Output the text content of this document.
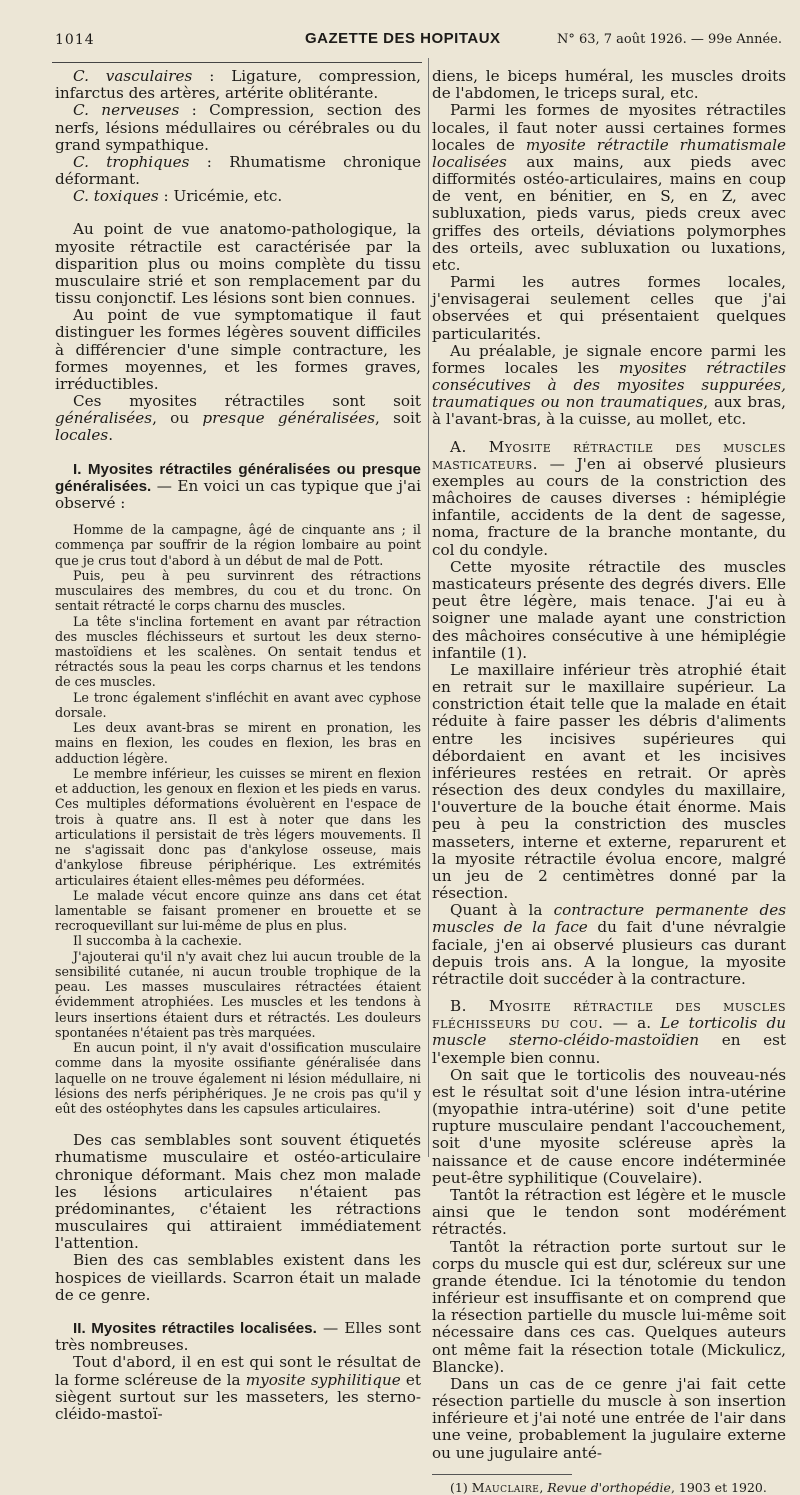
1014	GAZETTE DES HOPITAUX	N° 63, 7 août 1926. — 99e Année.

C. vasculaires : Ligature, compression, infarctus des artères, artérite oblitérante.

C. nerveuses : Compression, section des nerfs, lésions médullaires ou cérébrales ou du grand sympathique.

C. trophiques : Rhumatisme chronique déformant.

C. toxiques : Uricémie, etc.

Au point de vue anatomo-pathologique, la myosite rétractile est caractérisée par la disparition plus ou moins complète du tissu musculaire strié et son remplacement par du tissu conjonctif. Les lésions sont bien connues.

Au point de vue symptomatique il faut distinguer les formes légères souvent difficiles à différencier d'une simple contracture, les formes moyennes, et les formes graves, irréductibles.

Ces myosites rétractiles sont soit généralisées, ou presque généralisées, soit locales.

I. Myosites rétractiles généralisées ou presque généralisées. — En voici un cas typique que j'ai observé :

Homme de la campagne, âgé de cinquante ans ; il commença par souffrir de la région lombaire au point que je crus tout d'abord à un début de mal de Pott.

Puis, peu à peu survinrent des rétractions musculaires des membres, du cou et du tronc. On sentait rétracté le corps charnu des muscles.

La tête s'inclina fortement en avant par rétraction des muscles fléchisseurs et surtout les deux sterno-mastoïdiens et les scalènes. On sentait tendus et rétractés sous la peau les corps charnus et les tendons de ces muscles.

Le tronc également s'infléchit en avant avec cyphose dorsale.

Les deux avant-bras se mirent en pronation, les mains en flexion, les coudes en flexion, les bras en adduction légère.

Le membre inférieur, les cuisses se mirent en flexion et adduction, les genoux en flexion et les pieds en varus. Ces multiples déformations évoluèrent en l'espace de trois à quatre ans. Il est à noter que dans les articulations il persistait de très légers mouvements. Il ne s'agissait donc pas d'ankylose osseuse, mais d'ankylose fibreuse périphérique. Les extrémités articulaires étaient elles-mêmes peu déformées.

Le malade vécut encore quinze ans dans cet état lamentable se faisant promener en brouette et se recroquevillant sur lui-même de plus en plus.

Il succomba à la cachexie.

J'ajouterai qu'il n'y avait chez lui aucun trouble de la sensibilité cutanée, ni aucun trouble trophique de la peau. Les masses musculaires rétractées étaient évidemment atrophiées. Les muscles et les tendons à leurs insertions étaient durs et rétractés. Les douleurs spontanées n'étaient pas très marquées.

En aucun point, il n'y avait d'ossification musculaire comme dans la myosite ossifiante généralisée dans laquelle on ne trouve également ni lésion médullaire, ni lésions des nerfs périphériques. Je ne crois pas qu'il y eût des ostéophytes dans les capsules articulaires.

Des cas semblables sont souvent étiquetés rhumatisme musculaire et ostéo-articulaire chronique déformant. Mais chez mon malade les lésions articulaires n'étaient pas prédominantes, c'étaient les rétractions musculaires qui attiraient immédiatement l'attention.

Bien des cas semblables existent dans les hospices de vieillards. Scarron était un malade de ce genre.

II. Myosites rétractiles localisées. — Elles sont très nombreuses.

Tout d'abord, il en est qui sont le résultat de la forme scléreuse de la myosite syphilitique et siègent surtout sur les masseters, les sterno-cléido-mastoï-

diens, le biceps huméral, les muscles droits de l'abdomen, le triceps sural, etc.

Parmi les formes de myosites rétractiles locales, il faut noter aussi certaines formes locales de myosite rétractile rhumatismale localisées aux mains, aux pieds avec difformités ostéo-articulaires, mains en coup de vent, en bénitier, en S, en Z, avec subluxation, pieds varus, pieds creux avec griffes des orteils, déviations polymorphes des orteils, avec subluxation ou luxations, etc.

Parmi les autres formes locales, j'envisagerai seulement celles que j'ai observées et qui présentaient quelques particularités.

Au préalable, je signale encore parmi les formes locales les myosites rétractiles consécutives à des myosites suppurées, traumatiques ou non traumatiques, aux bras, à l'avant-bras, à la cuisse, au mollet, etc.

A. Myosite rétractile des muscles masticateurs. — J'en ai observé plusieurs exemples au cours de la constriction des mâchoires de causes diverses : hémiplégie infantile, accidents de la dent de sagesse, noma, fracture de la branche montante, du col du condyle.

Cette myosite rétractile des muscles masticateurs présente des degrés divers. Elle peut être légère, mais tenace. J'ai eu à soigner une malade ayant une constriction des mâchoires consécutive à une hémiplégie infantile (1).

Le maxillaire inférieur très atrophié était en retrait sur le maxillaire supérieur. La constriction était telle que la malade en était réduite à faire passer les débris d'aliments entre les incisives supérieures qui débordaient en avant et les incisives inférieures restées en retrait. Or après résection des deux condyles du maxillaire, l'ouverture de la bouche était énorme. Mais peu à peu la constriction des muscles masseters, interne et externe, reparurent et la myosite rétractile évolua encore, malgré un jeu de 2 centimètres donné par la résection.

Quant à la contracture permanente des muscles de la face du fait d'une névralgie faciale, j'en ai observé plusieurs cas durant depuis trois ans. A la longue, la myosite rétractile doit succéder à la contracture.

B. Myosite rétractile des muscles fléchisseurs du cou. — a. Le torticolis du muscle sterno-cléido-mastoïdien en est l'exemple bien connu.

On sait que le torticolis des nouveau-nés est le résultat soit d'une lésion intra-utérine (myopathie intra-utérine) soit d'une petite rupture musculaire pendant l'accouchement, soit d'une myosite scléreuse après la naissance et de cause encore indéterminée peut-être syphilitique (Couvelaire).

Tantôt la rétraction est légère et le muscle ainsi que le tendon sont modérément rétractés.

Tantôt la rétraction porte surtout sur le corps du muscle qui est dur, scléreux sur une grande étendue. Ici la ténotomie du tendon inférieur est insuffisante et on comprend que la résection partielle du muscle lui-même soit nécessaire dans ces cas. Quelques auteurs ont même fait la résection totale (Mickulicz, Blancke).

Dans un cas de ce genre j'ai fait cette résection partielle du muscle à son insertion inférieure et j'ai noté une entrée de l'air dans une veine, probablement la jugulaire externe ou une jugulaire anté-

(1) Mauclaire, Revue d'orthopédie, 1903 et 1920.
